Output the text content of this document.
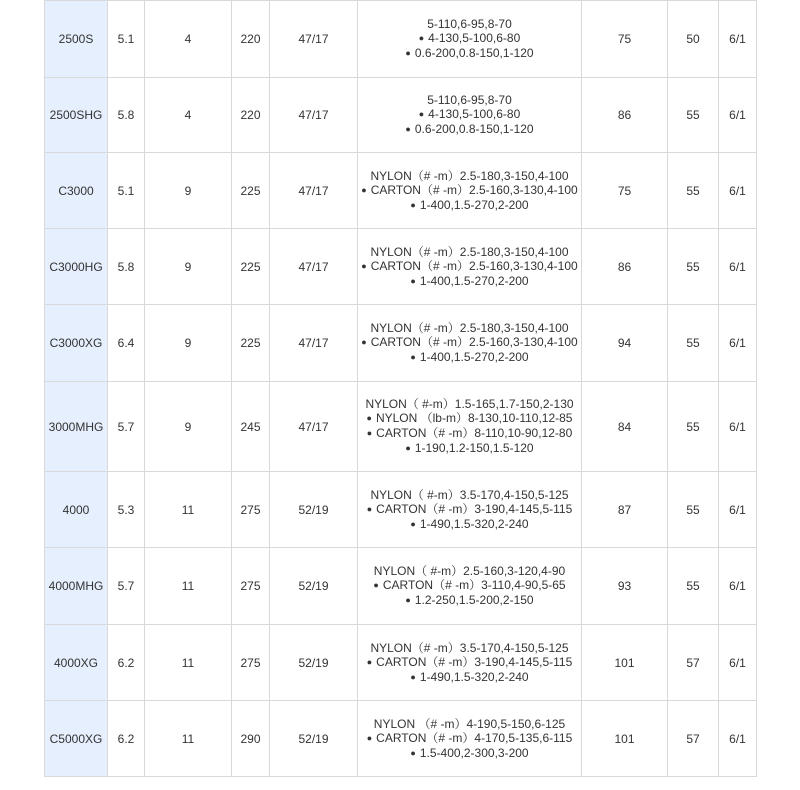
2500S	5.1	4	220	47/17	5-110,6-95,8-70
● 4-130,5-100,6-80
● 0.6-200,0.8-150,1-120	75	50	6/1
2500SHG	5.8	4	220	47/17	5-110,6-95,8-70
● 4-130,5-100,6-80
● 0.6-200,0.8-150,1-120	86	55	6/1
C3000	5.1	9	225	47/17	NYLON（# -m）2.5-180,3-150,4-100
● CARTON（# -m）2.5-160,3-130,4-100
● 1-400,1.5-270,2-200	75	55	6/1
C3000HG	5.8	9	225	47/17	NYLON（# -m）2.5-180,3-150,4-100
● CARTON（# -m）2.5-160,3-130,4-100
● 1-400,1.5-270,2-200	86	55	6/1
C3000XG	6.4	9	225	47/17	NYLON（# -m）2.5-180,3-150,4-100
● CARTON（# -m）2.5-160,3-130,4-100
● 1-400,1.5-270,2-200	94	55	6/1
3000MHG	5.7	9	245	47/17	NYLON（ #-m）1.5-165,1.7-150,2-130
● NYLON （lb-m）8-130,10-110,12-85
● CARTON（# -m）8-110,10-90,12-80
● 1-190,1.2-150,1.5-120	84	55	6/1
4000	5.3	11	275	52/19	NYLON（ #-m）3.5-170,4-150,5-125
● CARTON（# -m）3-190,4-145,5-115
● 1-490,1.5-320,2-240	87	55	6/1
4000MHG	5.7	11	275	52/19	NYLON（ #-m）2.5-160,3-120,4-90
● CARTON（# -m）3-110,4-90,5-65
● 1.2-250,1.5-200,2-150	93	55	6/1
4000XG	6.2	11	275	52/19	NYLON（# -m）3.5-170,4-150,5-125
● CARTON（# -m）3-190,4-145,5-115
● 1-490,1.5-320,2-240	101	57	6/1
C5000XG	6.2	11	290	52/19	NYLON （# -m）4-190,5-150,6-125
● CARTON（# -m）4-170,5-135,6-115
● 1.5-400,2-300,3-200	101	57	6/1
